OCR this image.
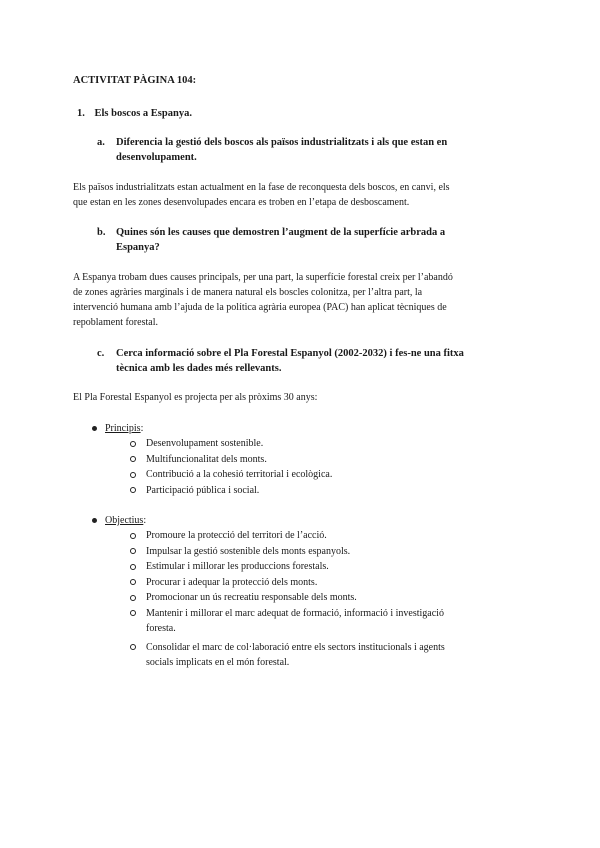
ACTIVITAT PÀGINA 104:
1. Els boscos a Espanya.
a. Diferencia la gestió dels boscos als països industrialitzats i als que estan en
desenvolupament.
Els països industrialitzats estan actualment en la fase de reconquesta dels boscos, en canvi, els
que estan en les zones desenvolupades encara es troben en l’etapa de desboscament.
b. Quines són les causes que demostren l’augment de la superfície arbrada a
Espanya?
A Espanya trobam dues causes principals, per una part, la superfície forestal creix per l’abandó
de zones agràries marginals i de manera natural els boscles colonitza, per l’altra part, la
intervenció humana amb l’ajuda de la política agrària europea (PAC) han aplicat tècniques de
repoblament forestal.
c. Cerca informació sobre el Pla Forestal Espanyol (2002-2032) i fes-ne una fitxa
tècnica amb les dades més rellevants.
El Pla Forestal Espanyol es projecta per als pròxims 30 anys:
Principis:
Desenvolupament sostenible.
Multifuncionalitat dels monts.
Contribució a la cohesió territorial i ecològica.
Participació pública i social.
Objectius:
Promoure la protecció del territori de l’acció.
Impulsar la gestió sostenible dels monts espanyols.
Estimular i millorar les produccions forestals.
Procurar i adequar la protecció dels monts.
Promocionar un ús recreatiu responsable dels monts.
Mantenir i millorar el marc adequat de formació, informació i investigació
foresta.
Consolidar el marc de col·laboració entre els sectors institucionals i agents
socials implicats en el món forestal.
